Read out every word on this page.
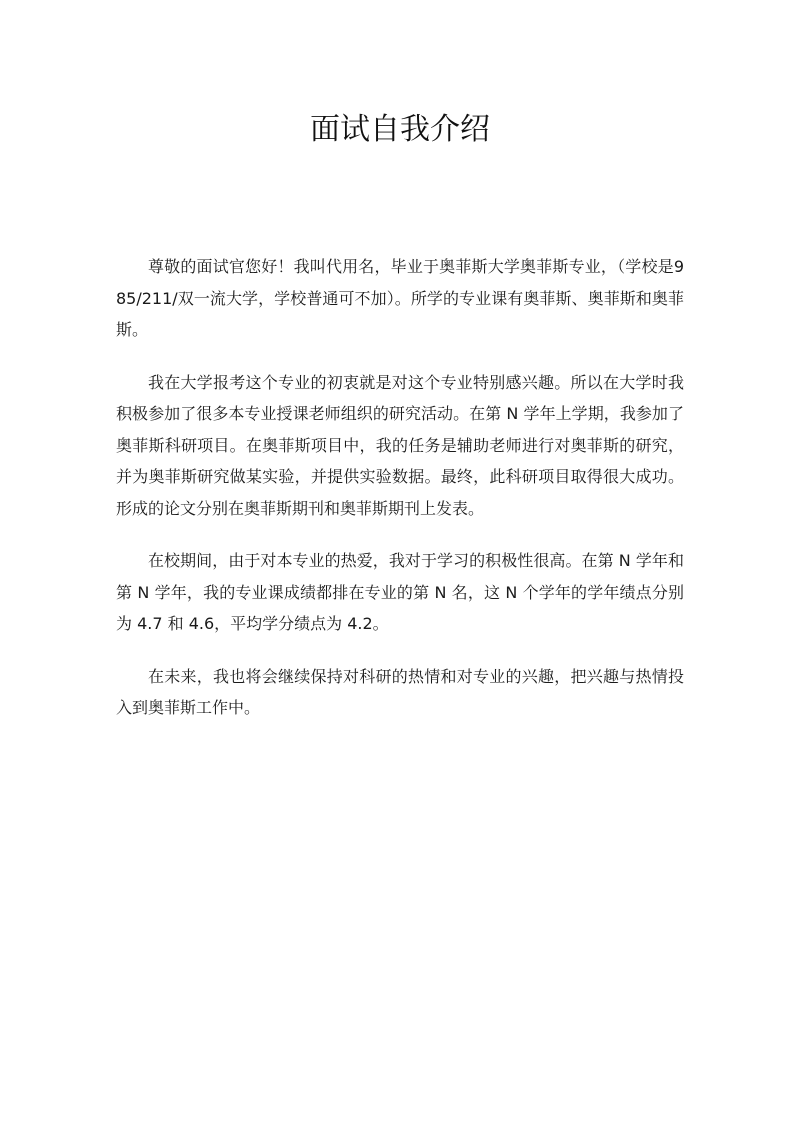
面试自我介绍

尊敬的面试官您好！我叫代用名，毕业于奥菲斯大学奥菲斯专业，（学校是985/211/双一流大学，学校普通可不加）。所学的专业课有奥菲斯、奥菲斯和奥菲斯。

我在大学报考这个专业的初衷就是对这个专业特别感兴趣。所以在大学时我积极参加了很多本专业授课老师组织的研究活动。在第 N 学年上学期，我参加了奥菲斯科研项目。在奥菲斯项目中，我的任务是辅助老师进行对奥菲斯的研究，并为奥菲斯研究做某实验，并提供实验数据。最终，此科研项目取得很大成功。形成的论文分别在奥菲斯期刊和奥菲斯期刊上发表。

在校期间，由于对本专业的热爱，我对于学习的积极性很高。在第 N 学年和第 N 学年，我的专业课成绩都排在专业的第 N 名，这 N 个学年的学年绩点分别为 4.7 和 4.6，平均学分绩点为 4.2。

在未来，我也将会继续保持对科研的热情和对专业的兴趣，把兴趣与热情投入到奥菲斯工作中。
